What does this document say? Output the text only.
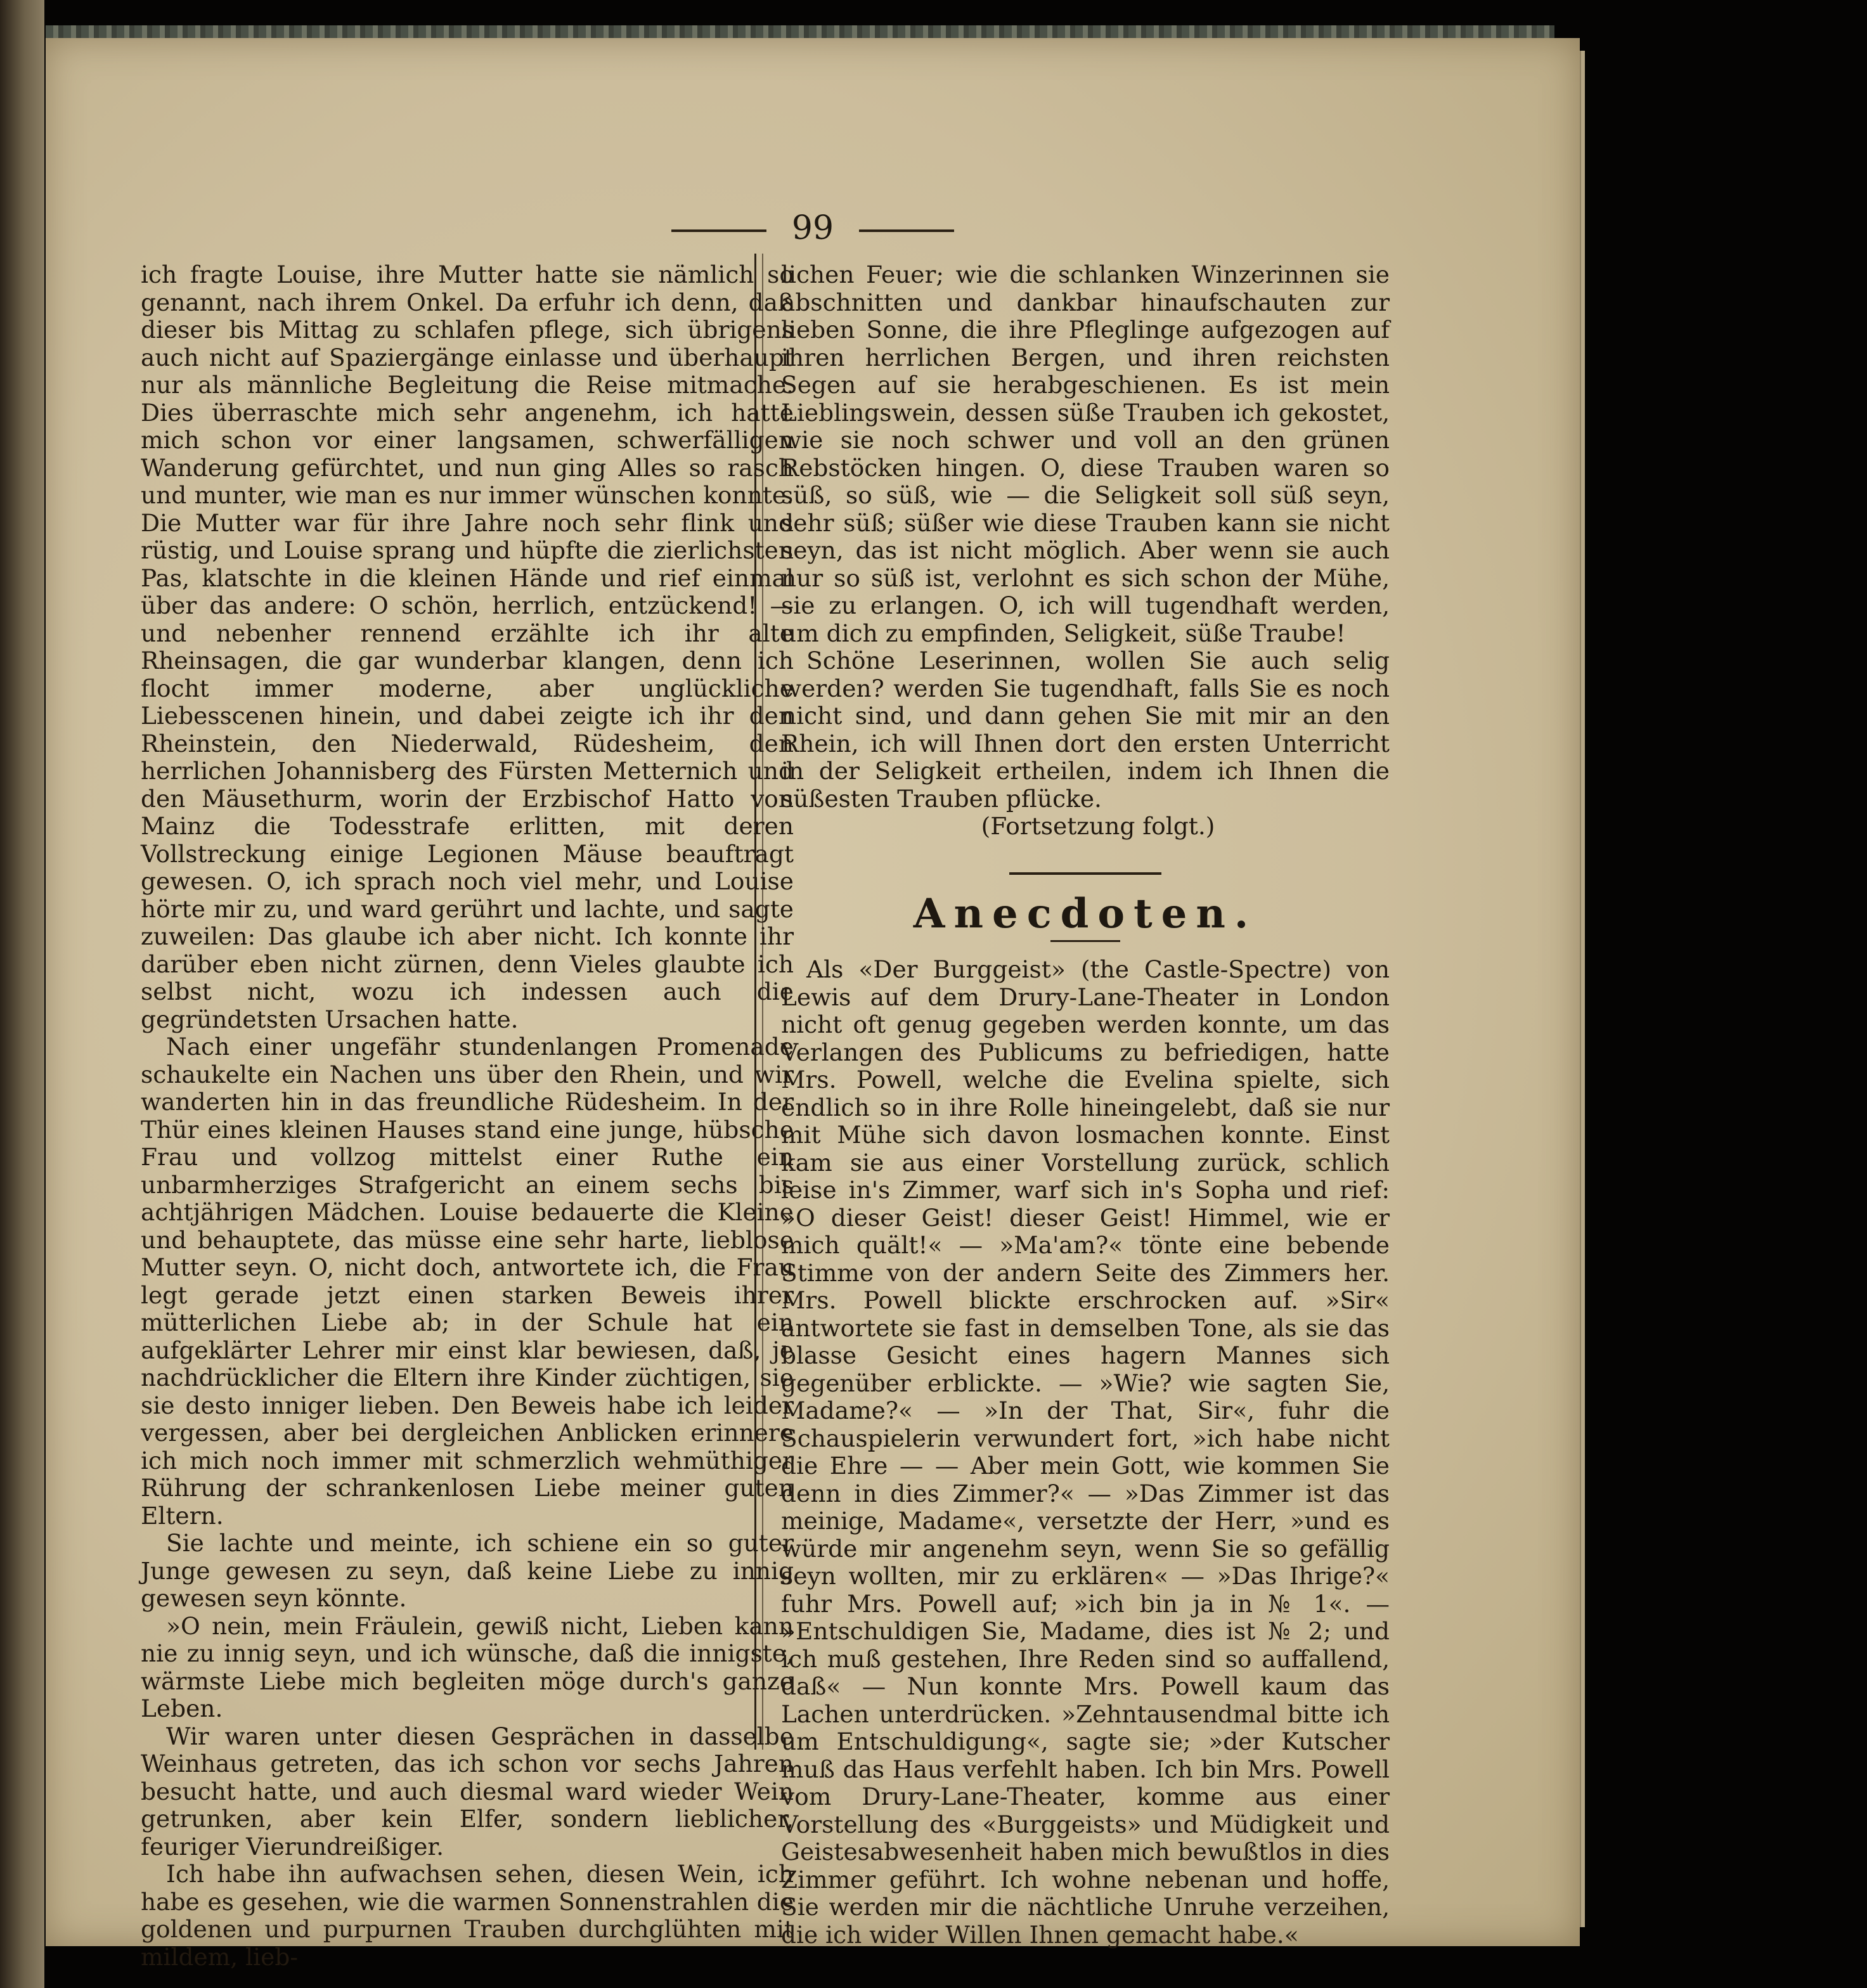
99

ich fragte Louise, ihre Mutter hatte sie nämlich so genannt, nach ihrem Onkel. Da erfuhr ich denn, daß dieser bis Mittag zu schlafen pflege, sich übrigens auch nicht auf Spaziergänge einlasse und überhaupt nur als männliche Begleitung die Reise mitmache. Dies überraschte mich sehr angenehm, ich hatte mich schon vor einer langsamen, schwerfälligen Wanderung gefürchtet, und nun ging Alles so rasch und munter, wie man es nur immer wünschen konnte. Die Mutter war für ihre Jahre noch sehr flink und rüstig, und Louise sprang und hüpfte die zierlichsten Pas, klatschte in die kleinen Hände und rief einmal über das andere: O schön, herrlich, entzückend! — und nebenher rennend erzählte ich ihr alte Rheinsagen, die gar wunderbar klangen, denn ich flocht immer moderne, aber unglückliche Liebesscenen hinein, und dabei zeigte ich ihr den Rheinstein, den Niederwald, Rüdesheim, den herrlichen Johannisberg des Fürsten Metternich und den Mäusethurm, worin der Erzbischof Hatto von Mainz die Todesstrafe erlitten, mit deren Vollstreckung einige Legionen Mäuse beauftragt gewesen. O, ich sprach noch viel mehr, und Louise hörte mir zu, und ward gerührt und lachte, und sagte zuweilen: Das glaube ich aber nicht. Ich konnte ihr darüber eben nicht zürnen, denn Vieles glaubte ich selbst nicht, wozu ich indessen auch die gegründetsten Ursachen hatte.

Nach einer ungefähr stundenlangen Promenade schaukelte ein Nachen uns über den Rhein, und wir wanderten hin in das freundliche Rüdesheim. In der Thür eines kleinen Hauses stand eine junge, hübsche Frau und vollzog mittelst einer Ruthe ein unbarmherziges Strafgericht an einem sechs bis achtjährigen Mädchen. Louise bedauerte die Kleine und behauptete, das müsse eine sehr harte, lieblose Mutter seyn. O, nicht doch, antwortete ich, die Frau legt gerade jetzt einen starken Beweis ihrer mütterlichen Liebe ab; in der Schule hat ein aufgeklärter Lehrer mir einst klar bewiesen, daß, je nachdrücklicher die Eltern ihre Kinder züchtigen, sie sie desto inniger lieben. Den Beweis habe ich leider vergessen, aber bei dergleichen Anblicken erinnere ich mich noch immer mit schmerzlich wehmüthiger Rührung der schrankenlosen Liebe meiner guten Eltern.

Sie lachte und meinte, ich schiene ein so guter Junge gewesen zu seyn, daß keine Liebe zu innig gewesen seyn könnte.

»O nein, mein Fräulein, gewiß nicht, Lieben kann nie zu innig seyn, und ich wünsche, daß die innigste, wärmste Liebe mich begleiten möge durch's ganze Leben.

Wir waren unter diesen Gesprächen in dasselbe Weinhaus getreten, das ich schon vor sechs Jahren besucht hatte, und auch diesmal ward wieder Wein getrunken, aber kein Elfer, sondern lieblicher, feuriger Vierundreißiger.

Ich habe ihn aufwachsen sehen, diesen Wein, ich habe es gesehen, wie die warmen Sonnenstrahlen die goldenen und purpurnen Trauben durchglühten mit mildem, lieb-

lichen Feuer; wie die schlanken Winzerinnen sie abschnitten und dankbar hinaufschauten zur lieben Sonne, die ihre Pfleglinge aufgezogen auf ihren herrlichen Bergen, und ihren reichsten Segen auf sie herabgeschienen. Es ist mein Lieblingswein, dessen süße Trauben ich gekostet, wie sie noch schwer und voll an den grünen Rebstöcken hingen. O, diese Trauben waren so süß, so süß, wie — die Seligkeit soll süß seyn, sehr süß; süßer wie diese Trauben kann sie nicht seyn, das ist nicht möglich. Aber wenn sie auch nur so süß ist, verlohnt es sich schon der Mühe, sie zu erlangen. O, ich will tugendhaft werden, um dich zu empfinden, Seligkeit, süße Traube!

Schöne Leserinnen, wollen Sie auch selig werden? werden Sie tugendhaft, falls Sie es noch nicht sind, und dann gehen Sie mit mir an den Rhein, ich will Ihnen dort den ersten Unterricht in der Seligkeit ertheilen, indem ich Ihnen die süßesten Trauben pflücke.

(Fortsetzung folgt.)

Anecdoten.

Als «Der Burggeist» (the Castle-Spectre) von Lewis auf dem Drury-Lane-Theater in London nicht oft genug gegeben werden konnte, um das Verlangen des Publicums zu befriedigen, hatte Mrs. Powell, welche die Evelina spielte, sich endlich so in ihre Rolle hineingelebt, daß sie nur mit Mühe sich davon losmachen konnte. Einst kam sie aus einer Vorstellung zurück, schlich leise in's Zimmer, warf sich in's Sopha und rief: »O dieser Geist! dieser Geist! Himmel, wie er mich quält!« — »Ma'am?« tönte eine bebende Stimme von der andern Seite des Zimmers her. Mrs. Powell blickte erschrocken auf. »Sir« antwortete sie fast in demselben Tone, als sie das blasse Gesicht eines hagern Mannes sich gegenüber erblickte. — »Wie? wie sagten Sie, Madame?« — »In der That, Sir«, fuhr die Schauspielerin verwundert fort, »ich habe nicht die Ehre — — Aber mein Gott, wie kommen Sie denn in dies Zimmer?« — »Das Zimmer ist das meinige, Madame«, versetzte der Herr, »und es würde mir angenehm seyn, wenn Sie so gefällig seyn wollten, mir zu erklären« — »Das Ihrige?« fuhr Mrs. Powell auf; »ich bin ja in № 1«. — »Entschuldigen Sie, Madame, dies ist № 2; und ich muß gestehen, Ihre Reden sind so auffallend, daß« — Nun konnte Mrs. Powell kaum das Lachen unterdrücken. »Zehntausendmal bitte ich um Entschuldigung«, sagte sie; »der Kutscher muß das Haus verfehlt haben. Ich bin Mrs. Powell vom Drury-Lane-Theater, komme aus einer Vorstellung des «Burggeists» und Müdigkeit und Geistesabwesenheit haben mich bewußtlos in dies Zimmer geführt. Ich wohne nebenan und hoffe, Sie werden mir die nächtliche Unruhe verzeihen, die ich wider Willen Ihnen gemacht habe.«
